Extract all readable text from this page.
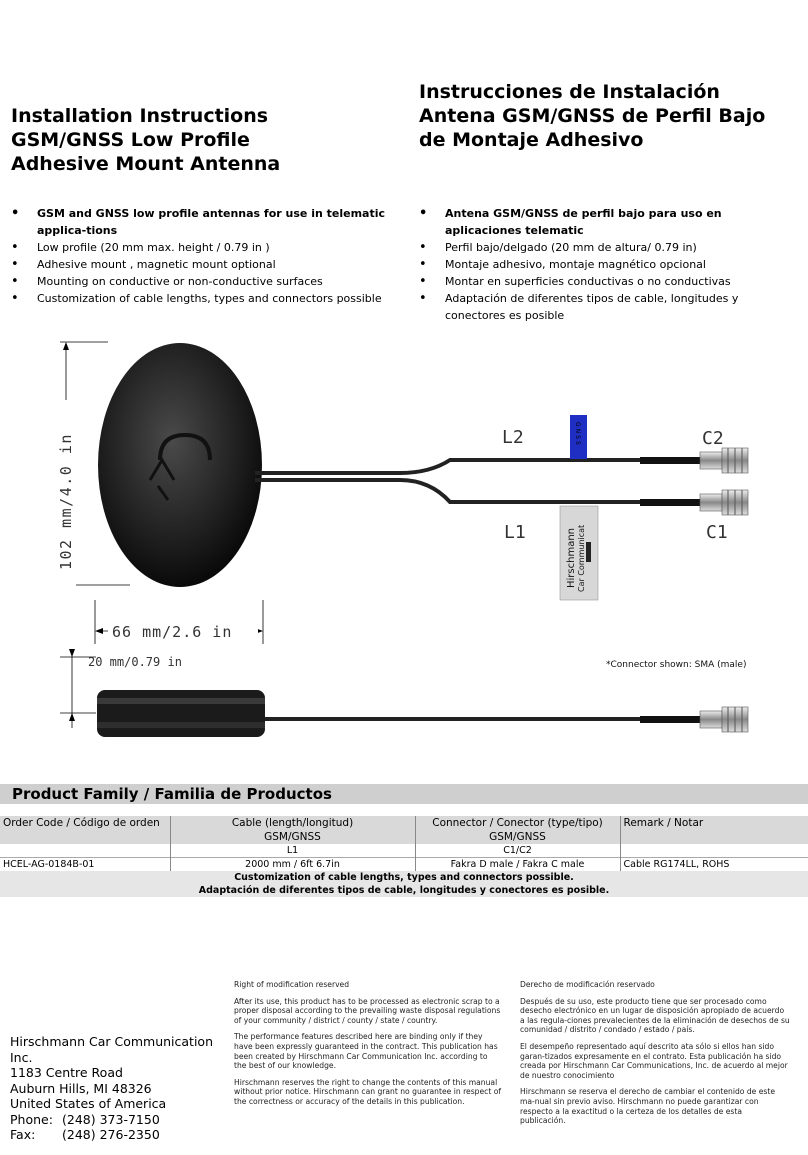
Installation Instructions
GSM/GNSS Low Profile
Adhesive Mount Antenna
Instrucciones de Instalación
Antena GSM/GNSS de Perfil Bajo
de Montaje Adhesivo
• GSM and GNSS low profile antennas for use in telematic applica-tions
• Low profile (20 mm max. height / 0.79 in )
• Adhesive mount , magnetic mount optional
• Mounting on conductive or non-conductive surfaces
• Customization of cable lengths, types and connectors possible
• Antena GSM/GNSS de perfil bajo para uso en aplicaciones telematic
• Perfil bajo/delgado (20 mm de altura/ 0.79 in)
• Montaje adhesivo, montaje magnético opcional
• Montar en superficies conductivas o no conductivas
• Adaptación de diferentes tipos de cable, longitudes y conectores es posible
102 mm/4.0 in
66 mm/2.6 in
GNSS
Hirschmann Car Communicat
L2
L1
C2
C1
20 mm/0.79 in	*Connector shown: SMA (male)
Product Family / Familia de Productos
Order Code / Código de orden	Cable (length/longitud)	Connector / Conector (type/tipo)	Remark / Notar
	GSM/GNSS	GSM/GNSS	
	L1	C1/C2	
HCEL-AG-0184B-01	2000 mm / 6ft 6.7in	Fakra D male / Fakra C male	Cable RG174LL, ROHS
Customization of cable lengths, types and connectors possible.			
Adaptación de diferentes tipos de cable, longitudes y conectores es posible.			
Hirschmann Car Communication Inc.
1183 Centre Road
Auburn Hills, MI 48326
United States of America
Phone: (248) 373-7150
Fax: (248) 276-2350

Right of modification reserved

After its use, this product has to be processed as electronic scrap to a proper disposal according to the prevailing waste disposal regulations of your community / district / county / state / country.

The performance features described here are binding only if they have been expressly guaranteed in the contract. This publication has been created by Hirschmann Car Communication Inc. according to the best of our knowledge.

Hirschmann reserves the right to change the contents of this manual without prior notice. Hirschmann can grant no guarantee in respect of the correctness or accuracy of the details in this publication.

Derecho de modificación reservado

Después de su uso, este producto tiene que ser procesado como desecho electrónico en un lugar de disposición apropiado de acuerdo a las regula-ciones prevalecientes de la eliminación de desechos de su comunidad / distrito / condado / estado / país.

El desempeño representado aquí descrito ata sólo si ellos han sido garan-tizados expresamente en el contrato. Esta publicación ha sido creada por Hirschmann Car Communications, Inc. de acuerdo al mejor de nuestro conocimiento

Hirschmann se reserva el derecho de cambiar el contenido de este ma-nual sin previo aviso. Hirschmann no puede garantizar con respecto a la exactitud o la certeza de los detalles de esta publicación.
